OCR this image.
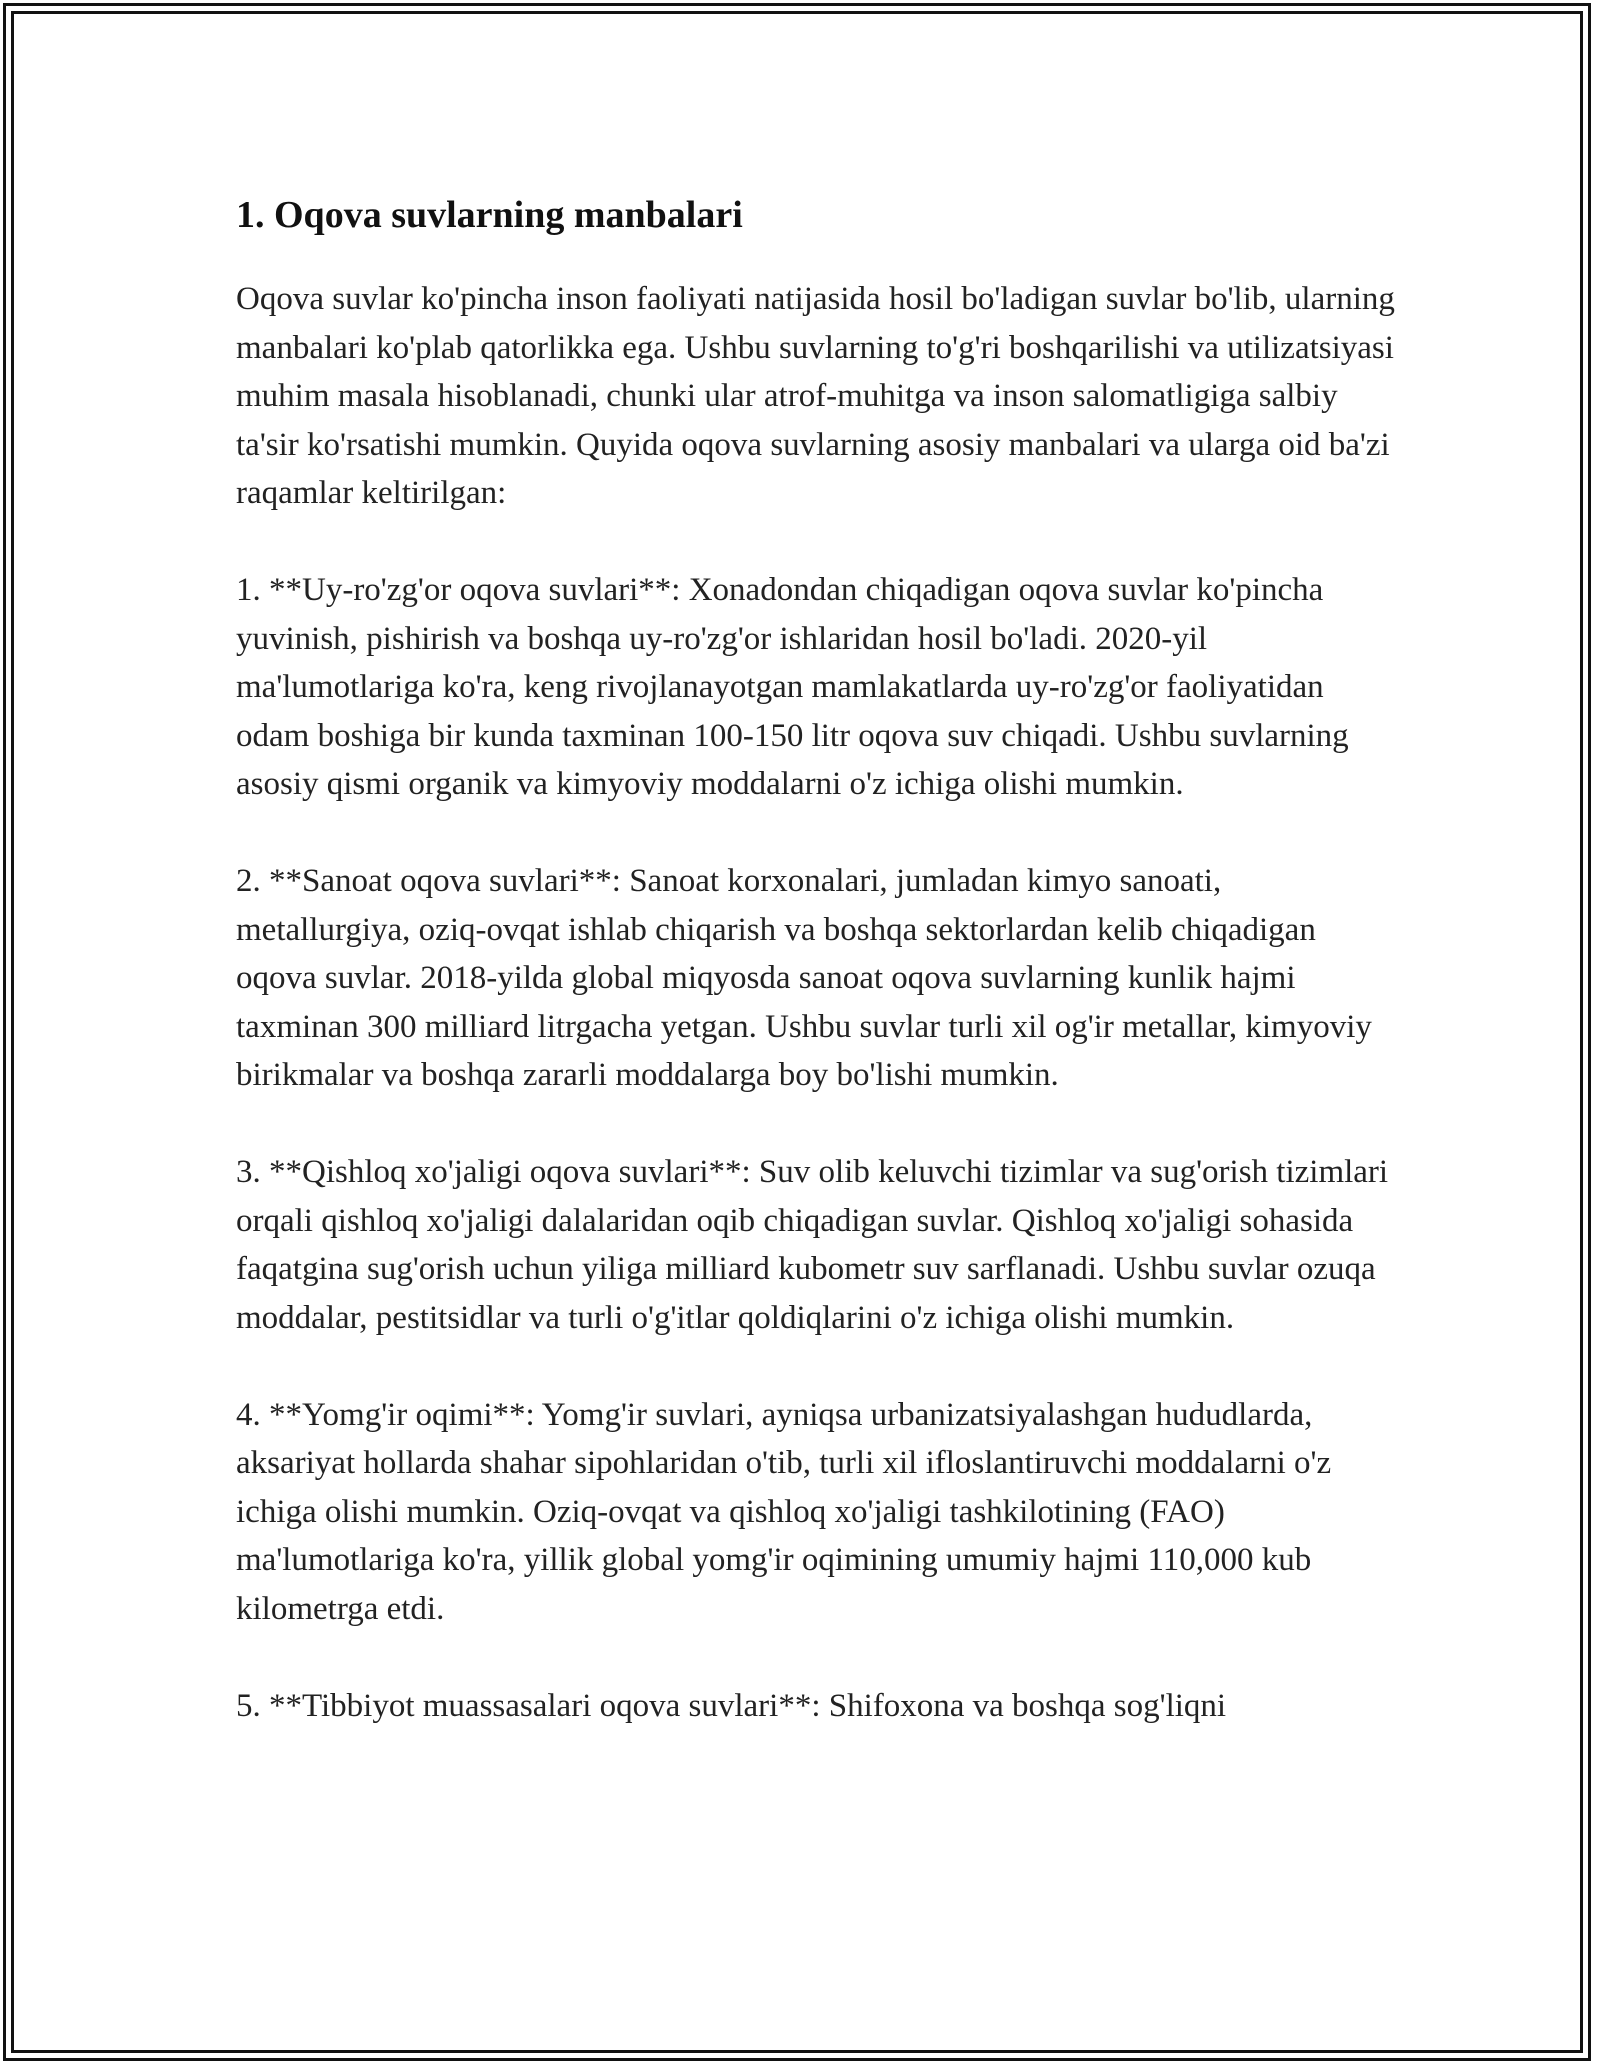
1. Oqova suvlarning manbalari

Oqova suvlar ko'pincha inson faoliyati natijasida hosil bo'ladigan suvlar bo'lib, ularning manbalari ko'plab qatorlikka ega. Ushbu suvlarning to'g'ri boshqarilishi va utilizatsiyasi muhim masala hisoblanadi, chunki ular atrof-muhitga va inson salomatligiga salbiy ta'sir ko'rsatishi mumkin. Quyida oqova suvlarning asosiy manbalari va ularga oid ba'zi raqamlar keltirilgan:

1. **Uy-ro'zg'or oqova suvlari**: Xonadondan chiqadigan oqova suvlar ko'pincha yuvinish, pishirish va boshqa uy-ro'zg'or ishlaridan hosil bo'ladi. 2020-yil ma'lumotlariga ko'ra, keng rivojlanayotgan mamlakatlarda uy-ro'zg'or faoliyatidan odam boshiga bir kunda taxminan 100-150 litr oqova suv chiqadi. Ushbu suvlarning asosiy qismi organik va kimyoviy moddalarni o'z ichiga olishi mumkin.

2. **Sanoat oqova suvlari**: Sanoat korxonalari, jumladan kimyo sanoati, metallurgiya, oziq-ovqat ishlab chiqarish va boshqa sektorlardan kelib chiqadigan oqova suvlar. 2018-yilda global miqyosda sanoat oqova suvlarning kunlik hajmi taxminan 300 milliard litrgacha yetgan. Ushbu suvlar turli xil og'ir metallar, kimyoviy birikmalar va boshqa zararli moddalarga boy bo'lishi mumkin.

3. **Qishloq xo'jaligi oqova suvlari**: Suv olib keluvchi tizimlar va sug'orish tizimlari orqali qishloq xo'jaligi dalalaridan oqib chiqadigan suvlar. Qishloq xo'jaligi sohasida faqatgina sug'orish uchun yiliga milliard kubometr suv sarflanadi. Ushbu suvlar ozuqa moddalar, pestitsidlar va turli o'g'itlar qoldiqlarini o'z ichiga olishi mumkin.

4. **Yomg'ir oqimi**: Yomg'ir suvlari, ayniqsa urbanizatsiyalashgan hududlarda, aksariyat hollarda shahar sipohlaridan o'tib, turli xil ifloslantiruvchi moddalarni o'z ichiga olishi mumkin. Oziq-ovqat va qishloq xo'jaligi tashkilotining (FAO) ma'lumotlariga ko'ra, yillik global yomg'ir oqimining umumiy hajmi 110,000 kub kilometrga etdi.

5. **Tibbiyot muassasalari oqova suvlari**: Shifoxona va boshqa sog'liqni
